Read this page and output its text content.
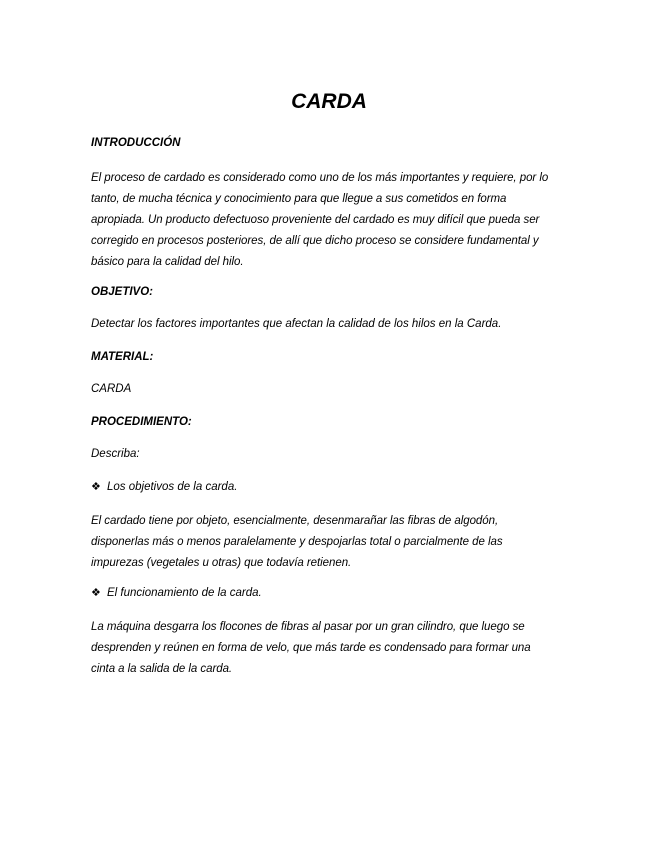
CARDA
INTRODUCCIÓN
El proceso de cardado es considerado como uno de los más importantes y requiere, por lo
tanto, de mucha técnica y conocimiento para que llegue a sus cometidos en forma
apropiada. Un producto defectuoso proveniente del cardado es muy difícil que pueda ser
corregido en procesos posteriores, de allí que dicho proceso se considere fundamental y
básico para la calidad del hilo.
OBJETIVO:
Detectar los factores importantes que afectan la calidad de los hilos en la Carda.
MATERIAL:
CARDA
PROCEDIMIENTO:
Describa:
❖ Los objetivos de la carda.
El cardado tiene por objeto, esencialmente, desenmarañar las fibras de algodón,
disponerlas más o menos paralelamente y despojarlas total o parcialmente de las
impurezas (vegetales u otras) que todavía retienen.
❖ El funcionamiento de la carda.
La máquina desgarra los flocones de fibras al pasar por un gran cilindro, que luego se
desprenden y reúnen en forma de velo, que más tarde es condensado para formar una
cinta a la salida de la carda.
